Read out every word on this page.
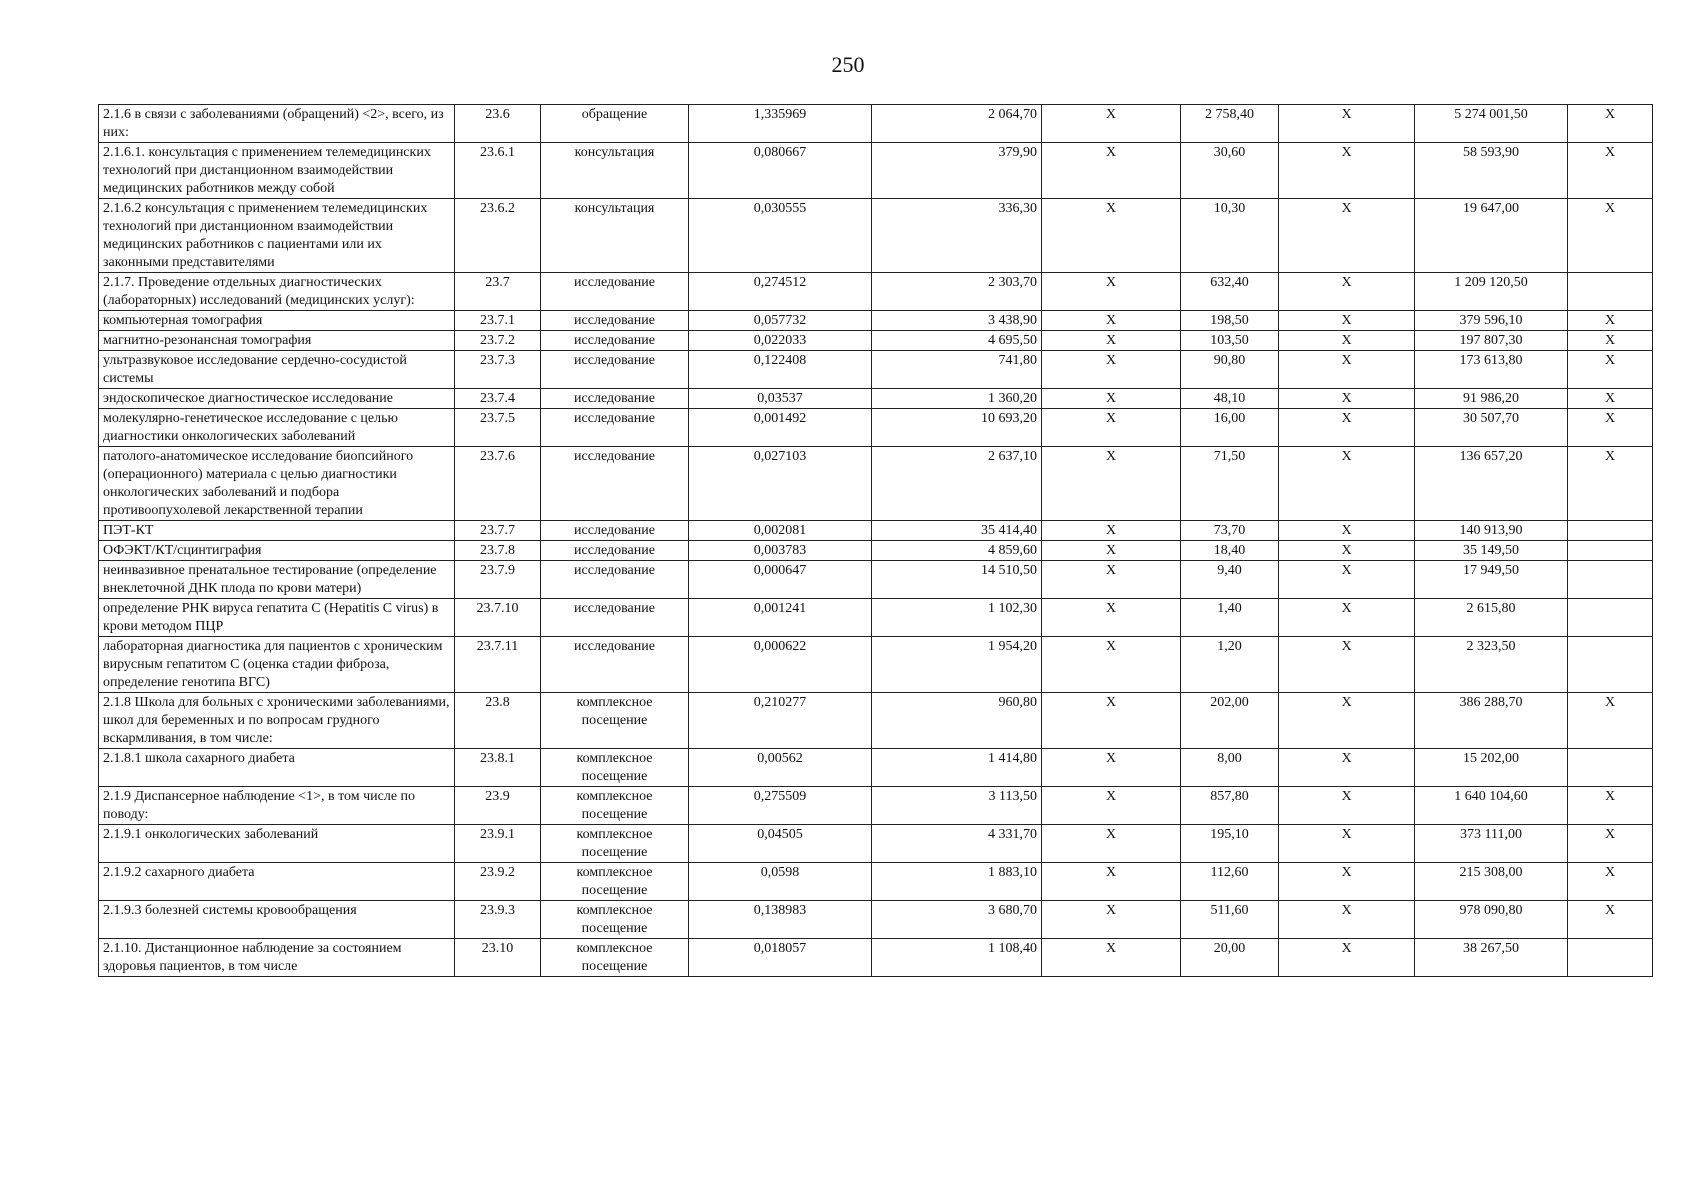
250
2.1.6 в связи с заболеваниями (обращений) <2>, всего, из них:	23.6	обращение	1,335969	2 064,70	X	2 758,40	X	5 274 001,50	X
2.1.6.1. консультация с применением телемедицинских технологий при дистанционном взаимодействии медицинских работников между собой	23.6.1	консультация	0,080667	379,90	X	30,60	X	58 593,90	X
2.1.6.2 консультация с применением телемедицинских технологий при дистанционном взаимодействии медицинских работников с пациентами или их законными представителями	23.6.2	консультация	0,030555	336,30	X	10,30	X	19 647,00	X
2.1.7. Проведение отдельных диагностических (лабораторных) исследований (медицинских услуг):	23.7	исследование	0,274512	2 303,70	X	632,40	X	1 209 120,50	
компьютерная томография	23.7.1	исследование	0,057732	3 438,90	X	198,50	X	379 596,10	X
магнитно-резонансная томография	23.7.2	исследование	0,022033	4 695,50	X	103,50	X	197 807,30	X
ультразвуковое исследование сердечно-сосудистой системы	23.7.3	исследование	0,122408	741,80	X	90,80	X	173 613,80	X
эндоскопическое диагностическое исследование	23.7.4	исследование	0,03537	1 360,20	X	48,10	X	91 986,20	X
молекулярно-генетическое исследование с целью диагностики онкологических заболеваний	23.7.5	исследование	0,001492	10 693,20	X	16,00	X	30 507,70	X
патолого-анатомическое исследование биопсийного (операционного) материала с целью диагностики онкологических заболеваний и подбора противоопухолевой лекарственной терапии	23.7.6	исследование	0,027103	2 637,10	X	71,50	X	136 657,20	X
ПЭТ-КТ	23.7.7	исследование	0,002081	35 414,40	X	73,70	X	140 913,90	
ОФЭКТ/КТ/сцинтиграфия	23.7.8	исследование	0,003783	4 859,60	X	18,40	X	35 149,50	
неинвазивное пренатальное тестирование (определение внеклеточной ДНК плода по крови матери)	23.7.9	исследование	0,000647	14 510,50	X	9,40	X	17 949,50	
определение РНК вируса гепатита С (Hepatitis C virus) в крови методом ПЦР	23.7.10	исследование	0,001241	1 102,30	X	1,40	X	2 615,80	
лабораторная диагностика для пациентов с хроническим вирусным гепатитом С (оценка стадии фиброза, определение генотипа ВГС)	23.7.11	исследование	0,000622	1 954,20	X	1,20	X	2 323,50	
2.1.8 Школа для больных с хроническими заболеваниями, школ для беременных и по вопросам грудного вскармливания, в том числе:	23.8	комплексное посещение	0,210277	960,80	X	202,00	X	386 288,70	X
2.1.8.1 школа сахарного диабета	23.8.1	комплексное посещение	0,00562	1 414,80	X	8,00	X	15 202,00	
2.1.9 Диспансерное наблюдение <1>, в том числе по поводу:	23.9	комплексное посещение	0,275509	3 113,50	X	857,80	X	1 640 104,60	X
2.1.9.1 онкологических заболеваний	23.9.1	комплексное посещение	0,04505	4 331,70	X	195,10	X	373 111,00	X
2.1.9.2 сахарного диабета	23.9.2	комплексное посещение	0,0598	1 883,10	X	112,60	X	215 308,00	X
2.1.9.3 болезней системы кровообращения	23.9.3	комплексное посещение	0,138983	3 680,70	X	511,60	X	978 090,80	X
2.1.10. Дистанционное наблюдение за состоянием здоровья пациентов, в том числе	23.10	комплексное посещение	0,018057	1 108,40	X	20,00	X	38 267,50	
